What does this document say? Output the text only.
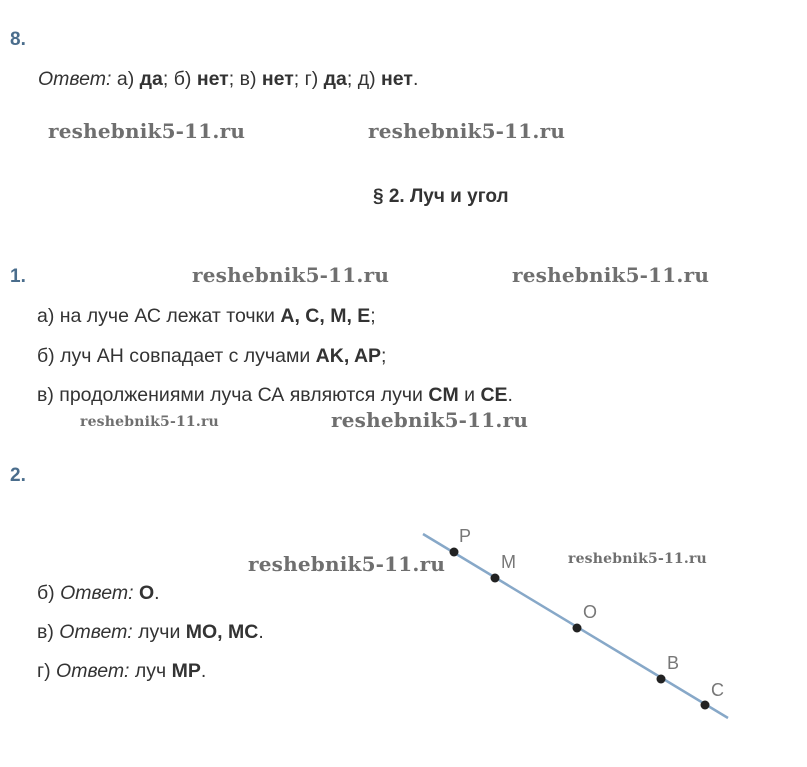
8.
Ответ: а) да; б) нет; в) нет; г) да; д) нет.
reshebnik5-11.ru	reshebnik5-11.ru
§ 2. Луч и угол
1.	reshebnik5-11.ru	reshebnik5-11.ru
а) на луче АС лежат точки A, C, M, E;
б) луч АН совпадает с лучами AK, AP;
в) продолжениями луча СА являются лучи CM и CE.
reshebnik5-11.ru	reshebnik5-11.ru
2.
reshebnik5-11.ru	reshebnik5-11.ru
б) Ответ: O.
в) Ответ: лучи MO, MC.
г) Ответ: луч MP.
P
M
O
B
C
